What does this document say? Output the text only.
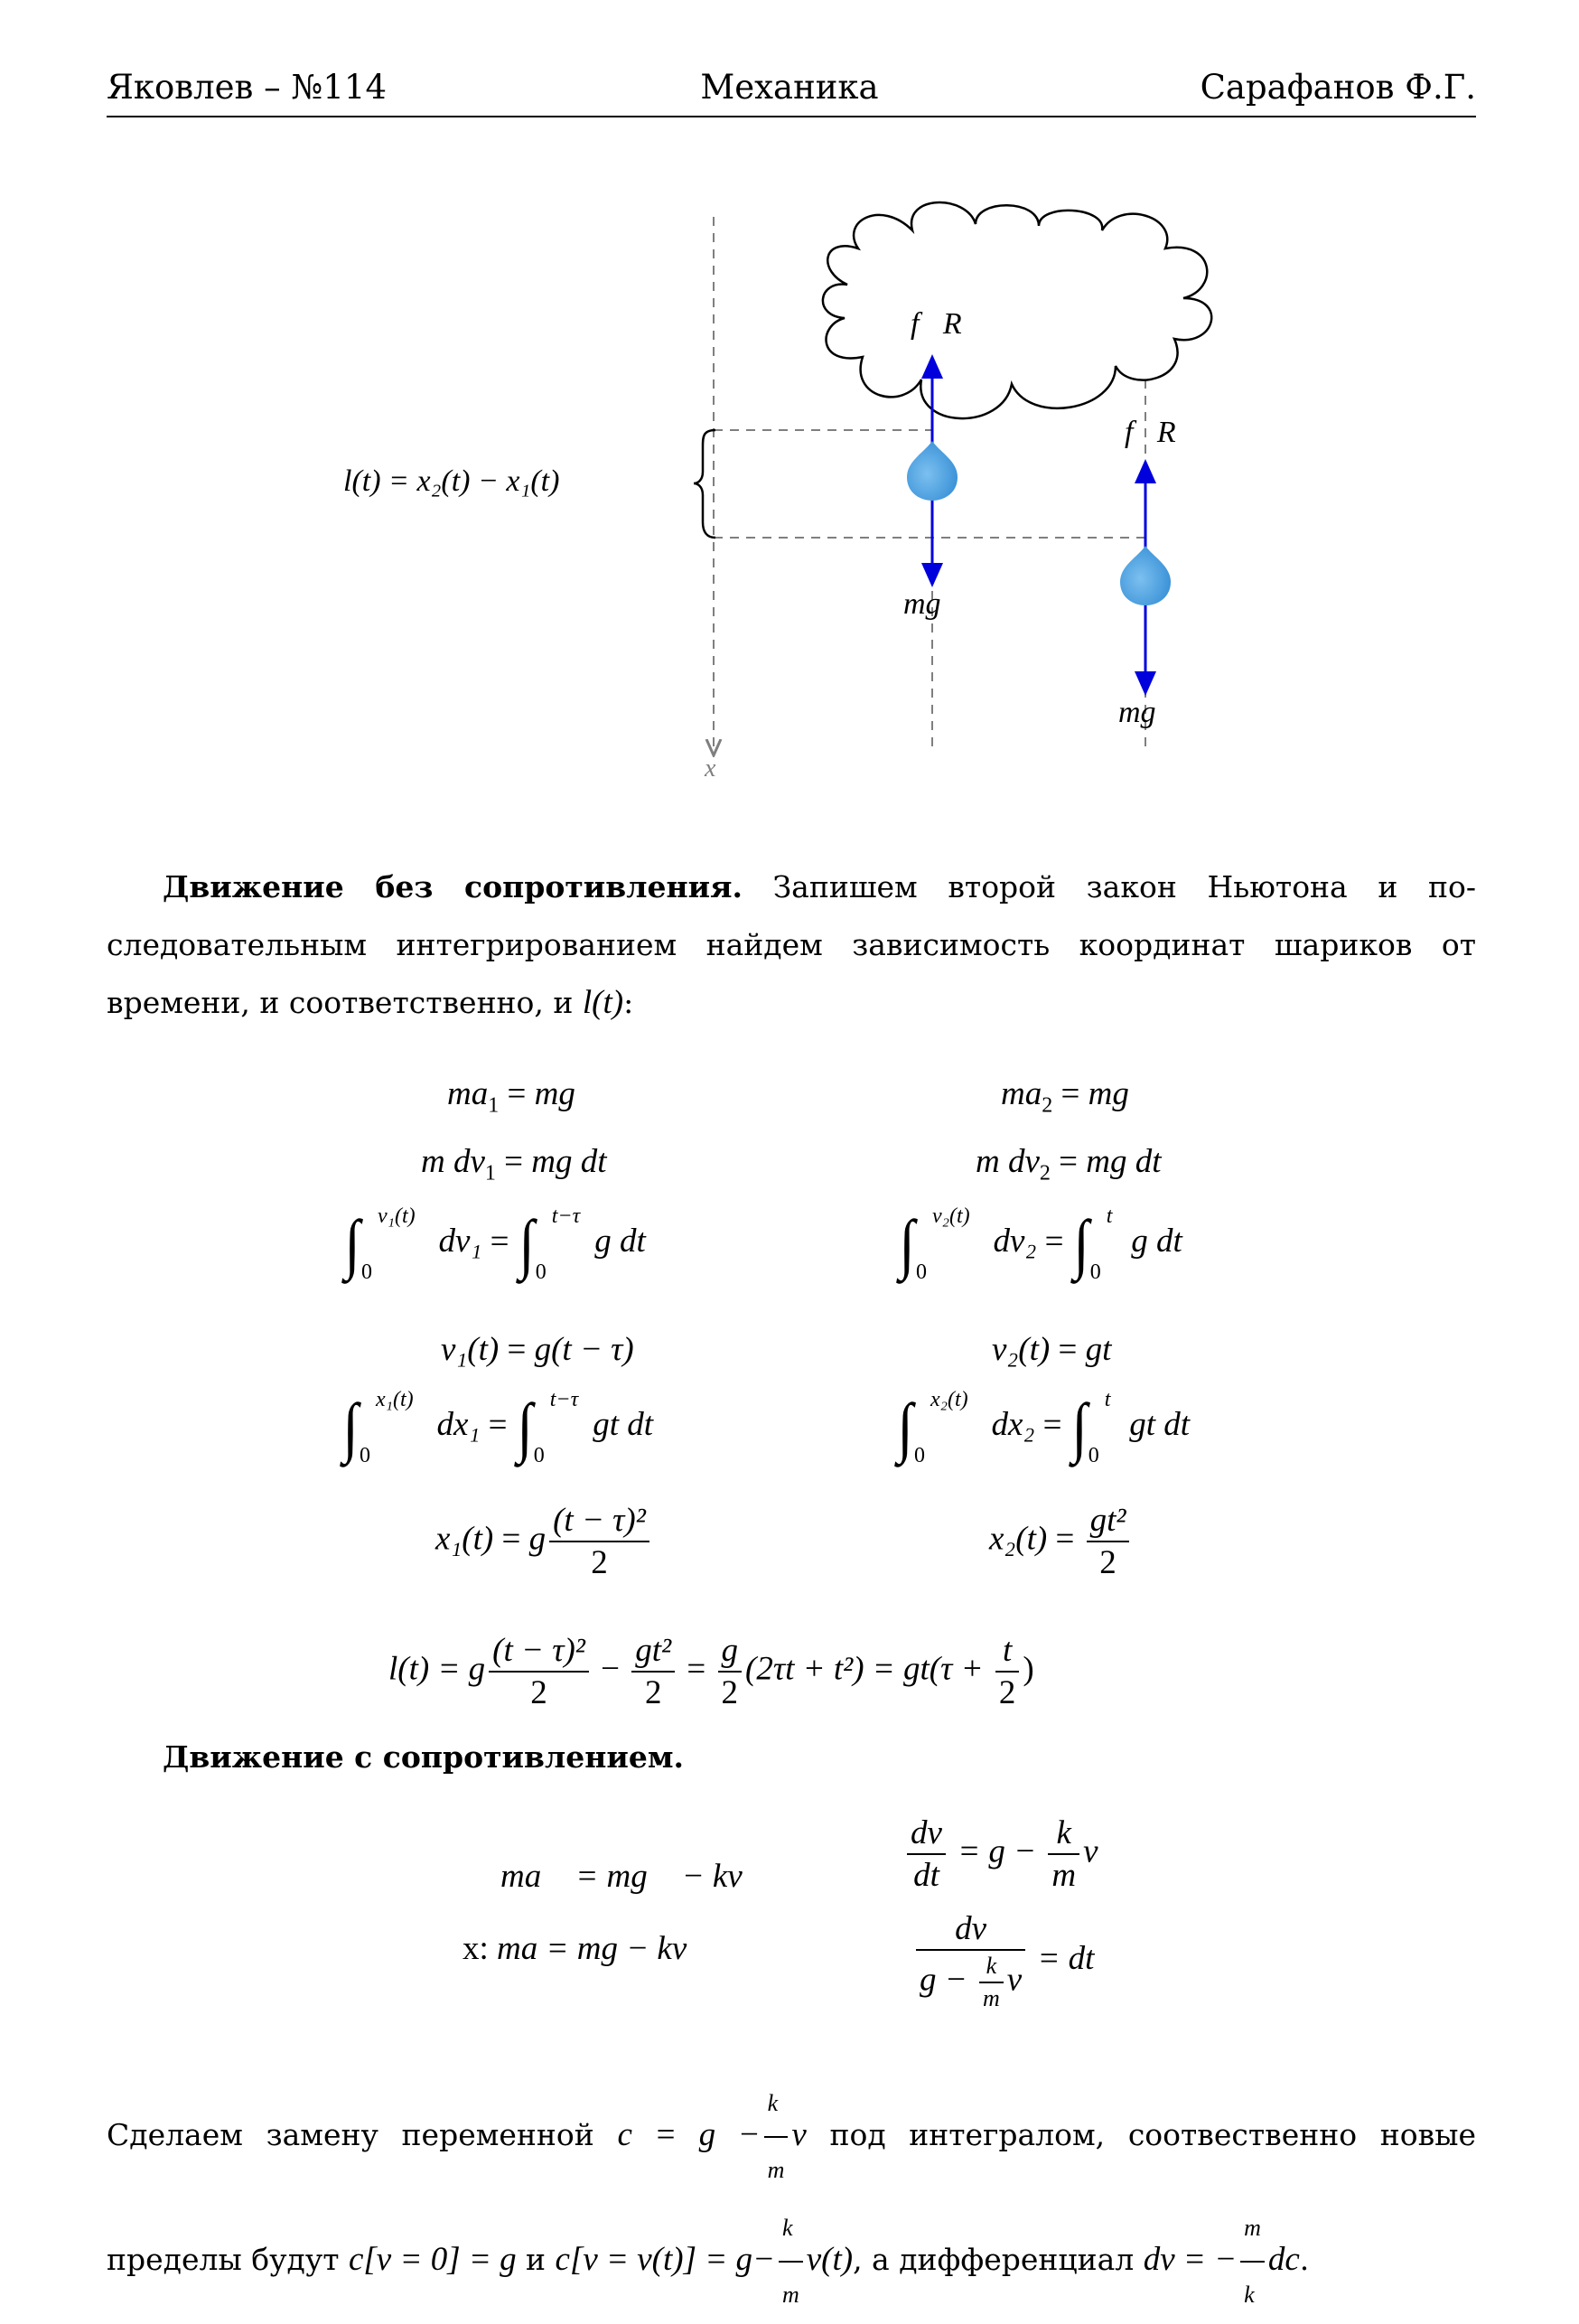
Яковлев – №114	Механика	Сарафанов Ф.Г.
l(t) = x₂(t) − x₁(t)
f⃗R
f⃗R
mg⃗
mg⃗
x

Движение без сопротивления. Запишем второй закон Ньютона и по-

следовательным интегрированием найдем зависимость координат шариков от

времени, и соответственно, и l(t):

$ma_1$ = mg	$ma_2$ = mg
m $dv_1$ = mg dt	m $dv_2$ = mg dt
∫ v₁(t)
0
dv₁ = ∫ t−τ
0
g dt	∫ v₂(t)
0
dv₂ = ∫ t
0
g dt
v₁(t) = g(t − τ)	v₂(t) = gt
∫ x₁(t)
0
dx₁ = ∫ t−τ
0
gt dt	∫ x₂(t)
0
dx₂ = ∫ t
0
gt dt
x₁(t) = g $\frac{\text{(t − τ)²}}{2}$	$x_2(t) = \frac{\text{gt²}}{2}$
l(t) = g $\frac{\text{(t − τ)²}}{2} - \frac{\text{gt²}}{2} = \frac{g}{2} (2\tau t + t^2) = gt(\tau + \frac{t}{2}$ )
Движение с сопротивлением.
ma⃗ = mg⃗ − kv⃗
x: ma = mg − kv
$\frac{dv}{dt} = g - \frac{k}{m}$ v
$\frac{dv}{g - \frac{k}{m} v}$ = dt

Сделаем замену переменной $c = g - \frac{k}{m}$ v под интегралом, соотвественно новые

пределы будут c[v = 0] = g и $c[v = v(t)] = g- \frac{k}{m} v(t)$, а дифференциал dv = − $\frac{m}{k}$ dc.
